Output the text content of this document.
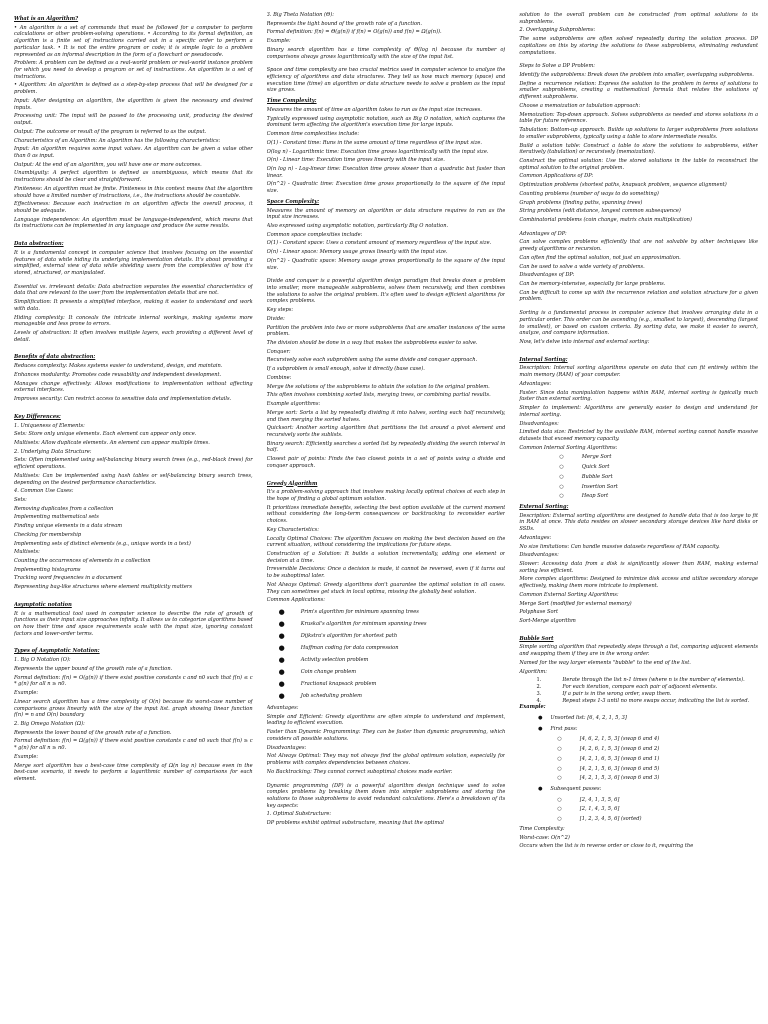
What is an Algorithm?

• An algorithm is a set of commands that must be followed for a computer to perform calculations or other problem-solving operations. • According to its formal definition, an algorithm is a finite set of instructions carried out in a specific order to perform a particular task. • It is not the entire program or code; it is simple logic to a problem represented as an informal description in the form of a flowchart or pseudocode.

Problem: A problem can be defined as a real-world problem or real-world instance problem for which you need to develop a program or set of instructions. An algorithm is a set of instructions.

• Algorithm: An algorithm is defined as a step-by-step process that will be designed for a problem.

Input: After designing an algorithm, the algorithm is given the necessary and desired inputs.

Processing unit: The input will be passed to the processing unit, producing the desired output.

Output: The outcome or result of the program is referred to as the output.

Characteristics of an Algorithm: An algorithm has the following characteristics:

Input: An algorithm requires some input values. An algorithm can be given a value other than 0 as input.

Output: At the end of an algorithm, you will have one or more outcomes.

Unambiguity: A perfect algorithm is defined as unambiguous, which means that its instructions should be clear and straightforward.

Finiteness: An algorithm must be finite. Finiteness in this context means that the algorithm should have a limited number of instructions, i.e., the instructions should be countable.

Effectiveness: Because each instruction in an algorithm affects the overall process, it should be adequate.

Language independence: An algorithm must be language-independent, which means that its instructions can be implemented in any language and produce the same results.

Data abstraction:

It is a fundamental concept in computer science that involves focusing on the essential features of data while hiding its underlying implementation details. It's about providing a simplified, external view of data while shielding users from the complexities of how it's stored, structured, or manipulated.

Essential vs. irrelevant details: Data abstraction separates the essential characteristics of data that are relevant to the user from the implementation details that are not.

Simplification: It presents a simplified interface, making it easier to understand and work with data.

Hiding complexity: It conceals the intricate internal workings, making systems more manageable and less prone to errors.

Levels of abstraction: It often involves multiple layers, each providing a different level of detail.

Benefits of data abstraction:

Reduces complexity: Makes systems easier to understand, design, and maintain.

Enhances modularity: Promotes code reusability and independent development.

Manages change effectively: Allows modifications to implementation without affecting external interfaces.

Improves security: Can restrict access to sensitive data and implementation details.

Key Differences:

1. Uniqueness of Elements:

Sets: Store only unique elements. Each element can appear only once.

Multisets: Allow duplicate elements. An element can appear multiple times.

2. Underlying Data Structure:

Sets: Often implemented using self-balancing binary search trees (e.g., red-black trees) for efficient operations.

Multisets: Can be implemented using hash tables or self-balancing binary search trees, depending on the desired performance characteristics.

4. Common Use Cases:

Sets:

Removing duplicates from a collection

Implementing mathematical sets

Finding unique elements in a data stream

Checking for membership

Implementing sets of distinct elements (e.g., unique words in a text)

Multisets:

Counting the occurrences of elements in a collection

Implementing histograms

Tracking word frequencies in a document

Representing bag-like structures where element multiplicity matters

Asymptotic notation

It is a mathematical tool used in computer science to describe the rate of growth of functions as their input size approaches infinity. It allows us to categorize algorithms based on how their time and space requirements scale with the input size, ignoring constant factors and lower-order terms.

Types of Asymptotic Notation:

1. Big O Notation (O):

Represents the upper bound of the growth rate of a function.

Formal definition: f(n) = O(g(n)) if there exist positive constants c and n0 such that f(n) ≤ c * g(n) for all n ≥ n0.

Example:

Linear search algorithm has a time complexity of O(n) because its worst-case number of comparisons grows linearly with the size of the input list. graph showing linear function f(n) = n and O(n) boundary

2. Big Omega Notation (Ω):

Represents the lower bound of the growth rate of a function.

Formal definition: f(n) = Ω(g(n)) if there exist positive constants c and n0 such that f(n) ≥ c * g(n) for all n ≥ n0.

Example:

Merge sort algorithm has a best-case time complexity of Ω(n log n) because even in the best-case scenario, it needs to perform a logarithmic number of comparisons for each element.

3. Big Theta Notation (Θ):

Represents the tight bound of the growth rate of a function.

Formal definition: f(n) = Θ(g(n)) if f(n) = O(g(n)) and f(n) = Ω(g(n)).

Example:

Binary search algorithm has a time complexity of Θ(log n) because its number of comparisons always grows logarithmically with the size of the input list.

Space and time complexity are two crucial metrics used in computer science to analyze the efficiency of algorithms and data structures. They tell us how much memory (space) and execution time (time) an algorithm or data structure needs to solve a problem as the input size grows.

Time Complexity:

Measures the amount of time an algorithm takes to run as the input size increases.

Typically expressed using asymptotic notation, such as Big O notation, which captures the dominant term affecting the algorithm's execution time for large inputs.

Common time complexities include:

O(1) - Constant time: Runs in the same amount of time regardless of the input size.

O(log n) - Logarithmic time: Execution time grows logarithmically with the input size.

O(n) - Linear time: Execution time grows linearly with the input size.

O(n log n) - Log-linear time: Execution time grows slower than a quadratic but faster than linear.

O(n^2) - Quadratic time: Execution time grows proportionally to the square of the input size.

Space Complexity:

Measures the amount of memory an algorithm or data structure requires to run as the input size increases.

Also expressed using asymptotic notation, particularly Big O notation.

Common space complexities include:

O(1) - Constant space: Uses a constant amount of memory regardless of the input size.

O(n) - Linear space: Memory usage grows linearly with the input size.

O(n^2) - Quadratic space: Memory usage grows proportionally to the square of the input size.

Divide and conquer is a powerful algorithm design paradigm that breaks down a problem into smaller, more manageable subproblems, solves them recursively, and then combines the solutions to solve the original problem. It's often used to design efficient algorithms for complex problems.

Key steps:

Divide:

Partition the problem into two or more subproblems that are smaller instances of the same problem.

The division should be done in a way that makes the subproblems easier to solve.

Conquer:

Recursively solve each subproblem using the same divide and conquer approach.

If a subproblem is small enough, solve it directly (base case).

Combine:

Merge the solutions of the subproblems to obtain the solution to the original problem.

This often involves combining sorted lists, merging trees, or combining partial results.

Example algorithms:

Merge sort: Sorts a list by repeatedly dividing it into halves, sorting each half recursively, and then merging the sorted halves.

Quicksort: Another sorting algorithm that partitions the list around a pivot element and recursively sorts the sublists.

Binary search: Efficiently searches a sorted list by repeatedly dividing the search interval in half.

Closest pair of points: Finds the two closest points in a set of points using a divide and conquer approach.

Greedy Algorithm

It's a problem-solving approach that involves making locally optimal choices at each step in the hope of finding a global optimum solution.

It prioritizes immediate benefits, selecting the best option available at the current moment without considering the long-term consequences or backtracking to reconsider earlier choices.

Key Characteristics:

Locally Optimal Choices: The algorithm focuses on making the best decision based on the current situation, without considering the implications for future steps.

Construction of a Solution: It builds a solution incrementally, adding one element or decision at a time.

Irreversible Decisions: Once a decision is made, it cannot be reversed, even if it turns out to be suboptimal later.

Not Always Optimal: Greedy algorithms don't guarantee the optimal solution in all cases. They can sometimes get stuck in local optima, missing the globally best solution.

Common Applications:

●	Prim's algorithm for minimum spanning trees
●	Kruskal's algorithm for minimum spanning trees
●	Dijkstra's algorithm for shortest path
●	Huffman coding for data compression
●	Activity selection problem
●	Coin change problem
●	Fractional knapsack problem
●	Job scheduling problem

Advantages:

Simple and Efficient: Greedy algorithms are often simple to understand and implement, leading to efficient execution.

Faster than Dynamic Programming: They can be faster than dynamic programming, which considers all possible solutions.

Disadvantages:

Not Always Optimal: They may not always find the global optimum solution, especially for problems with complex dependencies between choices.

No Backtracking: They cannot correct suboptimal choices made earlier.

Dynamic programming (DP) is a powerful algorithm design technique used to solve complex problems by breaking them down into simpler subproblems and storing the solutions to those subproblems to avoid redundant calculations. Here's a breakdown of its key aspects:

1. Optimal Substructure:

DP problems exhibit optimal substructure, meaning that the optimal

solution to the overall problem can be constructed from optimal solutions to its subproblems.

2. Overlapping Subproblems:

The same subproblems are often solved repeatedly during the solution process. DP capitalizes on this by storing the solutions to these subproblems, eliminating redundant computations.

Steps to Solve a DP Problem:

Identify the subproblems: Break down the problem into smaller, overlapping subproblems.

Define a recurrence relation: Express the solution to the problem in terms of solutions to smaller subproblems, creating a mathematical formula that relates the solutions of different subproblems.

Choose a memoization or tabulation approach:

Memoization: Top-down approach. Solves subproblems as needed and stores solutions in a table for future reference.

Tabulation: Bottom-up approach. Builds up solutions to larger subproblems from solutions to smaller subproblems, typically using a table to store intermediate results.

Build a solution table: Construct a table to store the solutions to subproblems, either iteratively (tabulation) or recursively (memoization).

Construct the optimal solution: Use the stored solutions in the table to reconstruct the optimal solution to the original problem.

Common Applications of DP:

Optimization problems (shortest paths, knapsack problem, sequence alignment)

Counting problems (number of ways to do something)

Graph problems (finding paths, spanning trees)

String problems (edit distance, longest common subsequence)

Combinatorial problems (coin change, matrix chain multiplication)

Advantages of DP:

Can solve complex problems efficiently that are not solvable by other techniques like greedy algorithms or recursion.

Can often find the optimal solution, not just an approximation.

Can be used to solve a wide variety of problems.

Disadvantages of DP:

Can be memory-intensive, especially for large problems.

Can be difficult to come up with the recurrence relation and solution structure for a given problem.

Sorting is a fundamental process in computer science that involves arranging data in a particular order. This order can be ascending (e.g., smallest to largest), descending (largest to smallest), or based on custom criteria. By sorting data, we make it easier to search, analyze, and compare information.

Now, let's delve into internal and external sorting:

Internal Sorting:

Description: Internal sorting algorithms operate on data that can fit entirely within the main memory (RAM) of your computer.

Advantages:

Faster: Since data manipulation happens within RAM, internal sorting is typically much faster than external sorting.

Simpler to implement: Algorithms are generally easier to design and understand for internal sorting.

Disadvantages:

Limited data size: Restricted by the available RAM, internal sorting cannot handle massive datasets that exceed memory capacity.

Common Internal Sorting Algorithms:

○	Merge Sort
○	Quick Sort
○	Bubble Sort
○	Insertion Sort
○	Heap Sort

External Sorting:

Description: External sorting algorithms are designed to handle data that is too large to fit in RAM at once. This data resides on slower secondary storage devices like hard disks or SSDs.

Advantages:

No size limitations: Can handle massive datasets regardless of RAM capacity.

Disadvantages:

Slower: Accessing data from a disk is significantly slower than RAM, making external sorting less efficient.

More complex algorithms: Designed to minimize disk access and utilize secondary storage effectively, making them more intricate to implement.

Common External Sorting Algorithms:

Merge Sort (modified for external memory)

Polyphase Sort

Sort-Merge algorithm

Bubble Sort

Simple sorting algorithm that repeatedly steps through a list, comparing adjacent elements and swapping them if they are in the wrong order.

Named for the way larger elements "bubble" to the end of the list.

Algorithm:

1.	Iterate through the list n-1 times (where n is the number of elements).
2.	For each iteration, compare each pair of adjacent elements.
3.	If a pair is in the wrong order, swap them.
4.	Repeat steps 1-3 until no more swaps occur, indicating the list is sorted.

Example:

●	Unsorted list: [6, 4, 2, 1, 5, 3]
●	First pass:
○	[4, 6, 2, 1, 5, 3] (swap 6 and 4)
○	[4, 2, 6, 1, 5, 3] (swap 6 and 2)
○	[4, 2, 1, 6, 5, 3] (swap 6 and 1)
○	[4, 2, 1, 5, 6, 3] (swap 6 and 5)
○	[4, 2, 1, 5, 3, 6] (swap 6 and 3)
●	Subsequent passes:
○	[2, 4, 1, 3, 5, 6]
○	[2, 1, 4, 3, 5, 6]
○	[1, 2, 3, 4, 5, 6] (sorted)

Time Complexity:

Worst-case: O(n^2)

Occurs when the list is in reverse order or close to it, requiring the
